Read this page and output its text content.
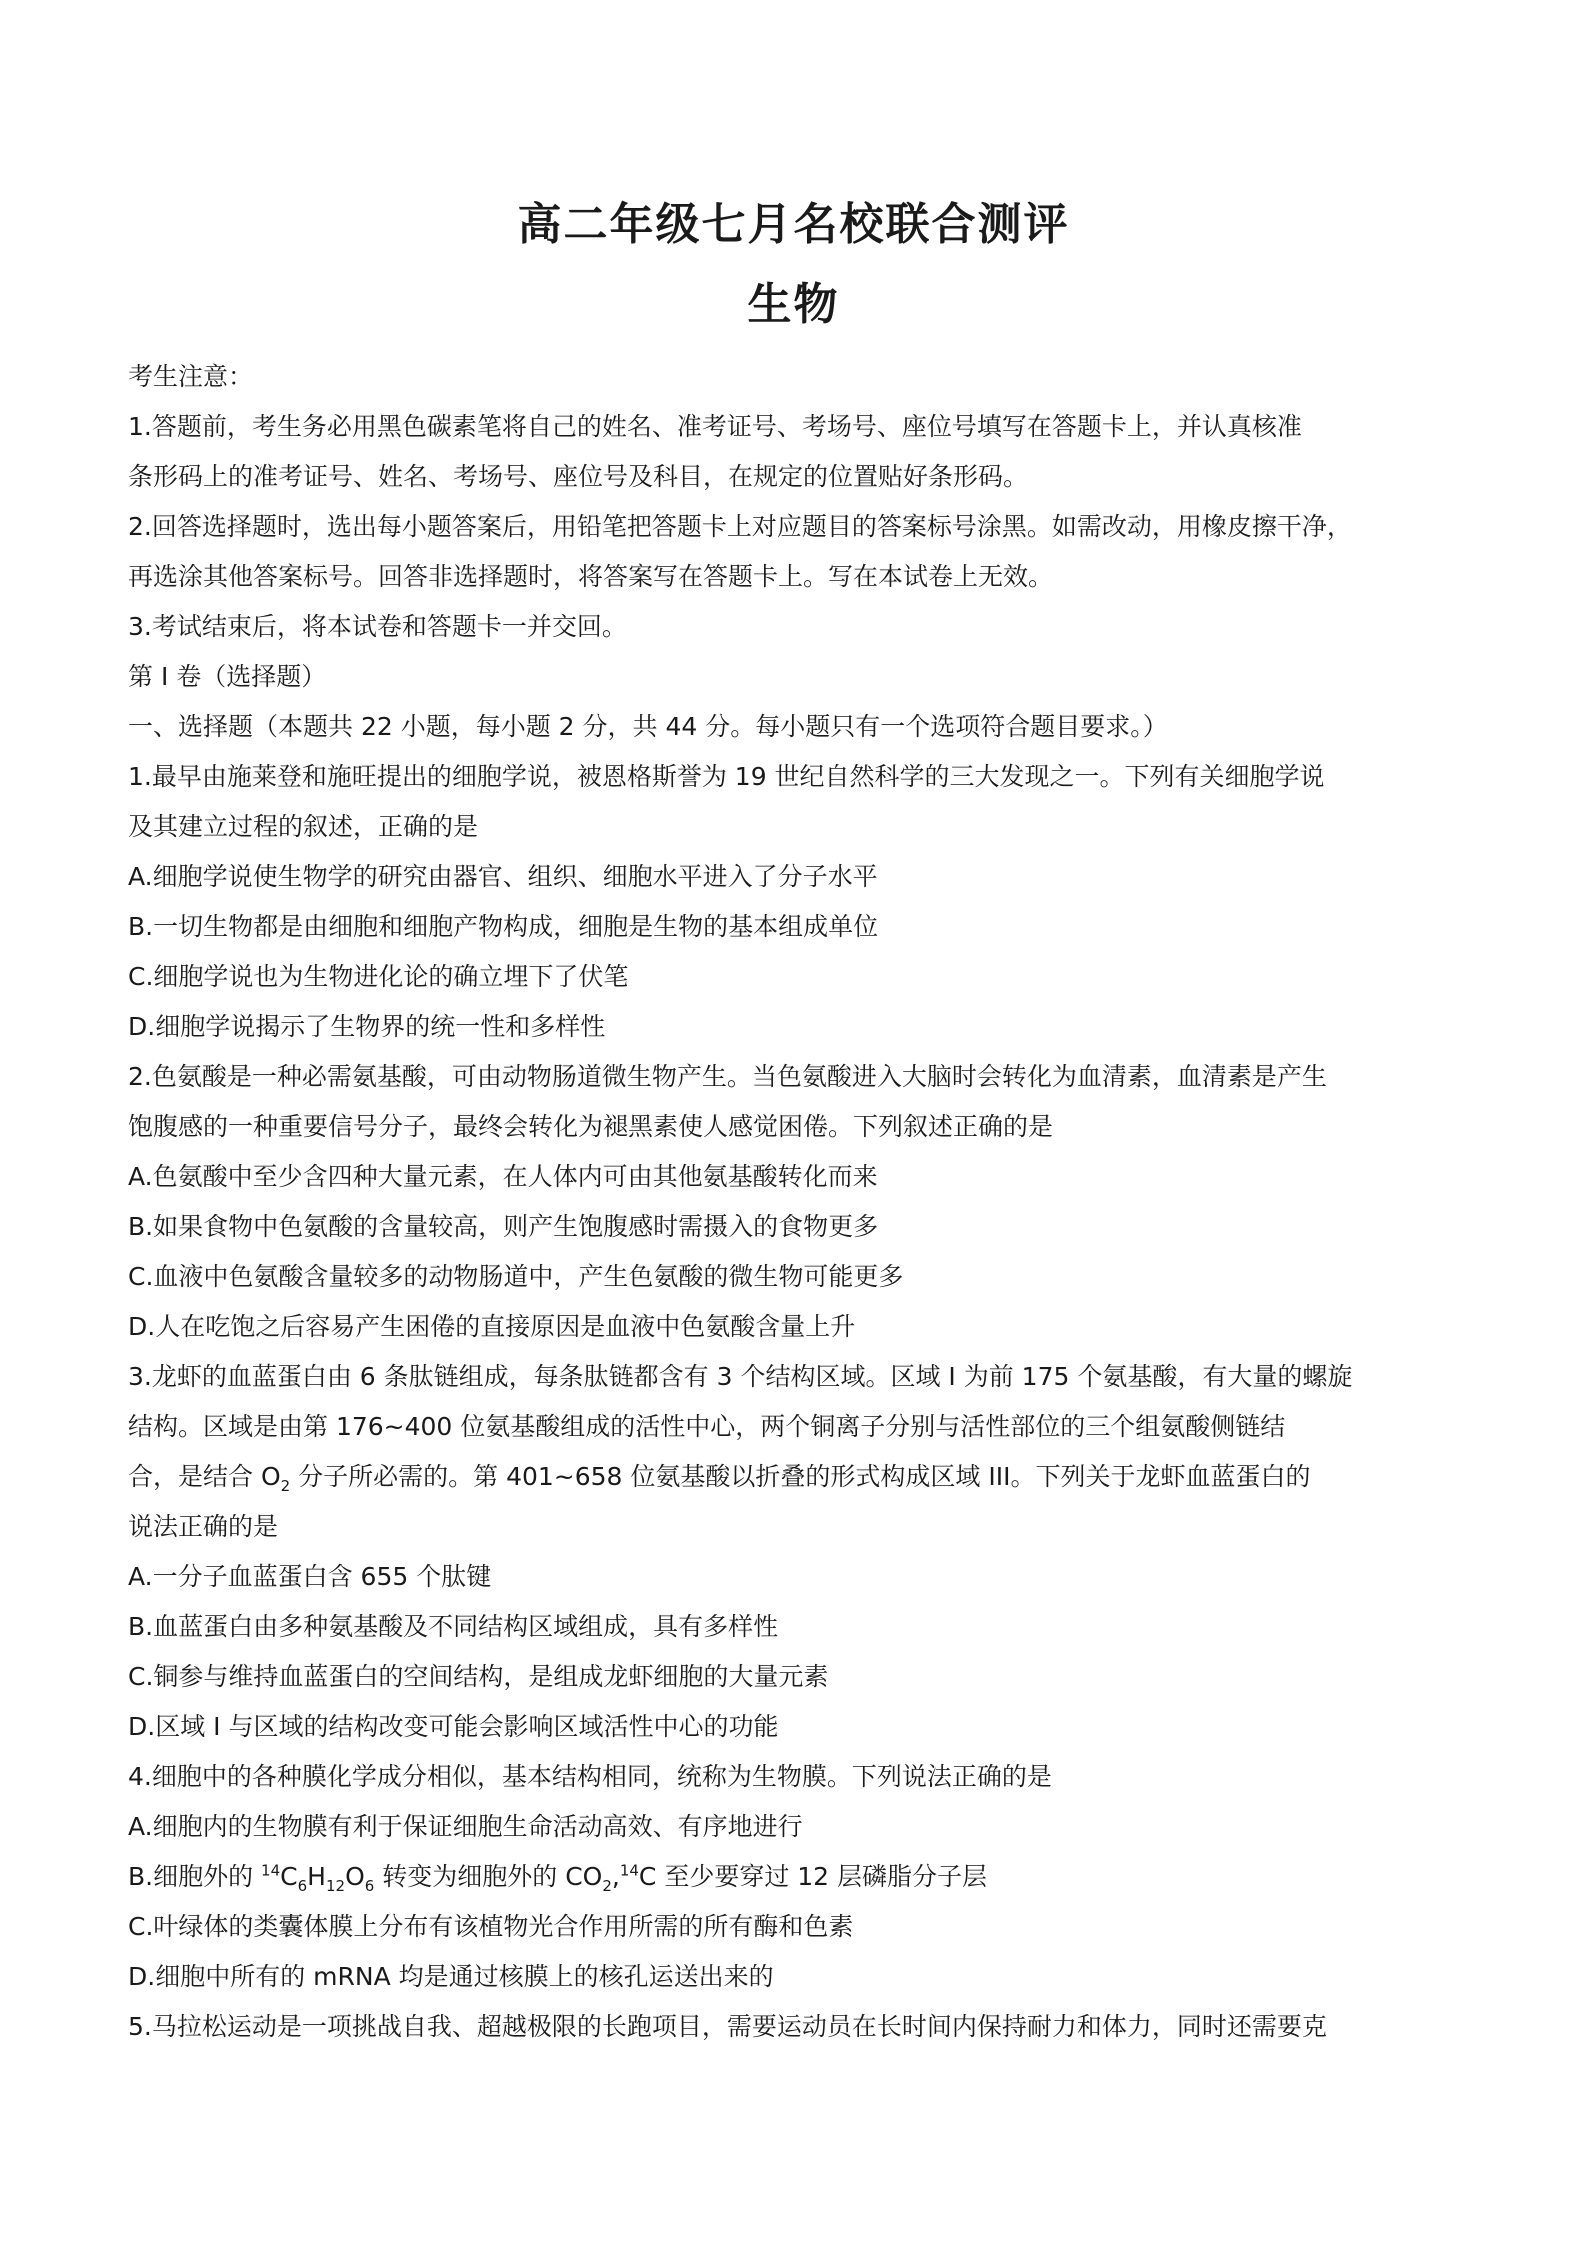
高二年级七月名校联合测评
生物
考生注意：
1.答题前，考生务必用黑色碳素笔将自己的姓名、准考证号、考场号、座位号填写在答题卡上，并认真核准
条形码上的准考证号、姓名、考场号、座位号及科目，在规定的位置贴好条形码。
2.回答选择题时，选出每小题答案后，用铅笔把答题卡上对应题目的答案标号涂黑。如需改动，用橡皮擦干净，
再选涂其他答案标号。回答非选择题时，将答案写在答题卡上。写在本试卷上无效。
3.考试结束后，将本试卷和答题卡一并交回。
第 I 卷（选择题）
一、选择题（本题共 22 小题，每小题 2 分，共 44 分。每小题只有一个选项符合题目要求。）
1.最早由施莱登和施旺提出的细胞学说，被恩格斯誉为 19 世纪自然科学的三大发现之一。下列有关细胞学说
及其建立过程的叙述，正确的是
A.细胞学说使生物学的研究由器官、组织、细胞水平进入了分子水平
B.一切生物都是由细胞和细胞产物构成，细胞是生物的基本组成单位
C.细胞学说也为生物进化论的确立埋下了伏笔
D.细胞学说揭示了生物界的统一性和多样性
2.色氨酸是一种必需氨基酸，可由动物肠道微生物产生。当色氨酸进入大脑时会转化为血清素，血清素是产生
饱腹感的一种重要信号分子，最终会转化为褪黑素使人感觉困倦。下列叙述正确的是
A.色氨酸中至少含四种大量元素，在人体内可由其他氨基酸转化而来
B.如果食物中色氨酸的含量较高，则产生饱腹感时需摄入的食物更多
C.血液中色氨酸含量较多的动物肠道中，产生色氨酸的微生物可能更多
D.人在吃饱之后容易产生困倦的直接原因是血液中色氨酸含量上升
3.龙虾的血蓝蛋白由 6 条肽链组成，每条肽链都含有 3 个结构区域。区域 I 为前 175 个氨基酸，有大量的螺旋
结构。区域是由第 176~400 位氨基酸组成的活性中心，两个铜离子分别与活性部位的三个组氨酸侧链结
合，是结合 $O_2$ 分子所必需的。第 401~658 位氨基酸以折叠的形式构成区域 III。下列关于龙虾血蓝蛋白的
说法正确的是
A.一分子血蓝蛋白含 655 个肽键
B.血蓝蛋白由多种氨基酸及不同结构区域组成，具有多样性
C.铜参与维持血蓝蛋白的空间结构，是组成龙虾细胞的大量元素
D.区域 I 与区域的结构改变可能会影响区域活性中心的功能
4.细胞中的各种膜化学成分相似，基本结构相同，统称为生物膜。下列说法正确的是
A.细胞内的生物膜有利于保证细胞生命活动高效、有序地进行
B.细胞外的 $^{14}C_6H_{12}O_6$ 转变为细胞外的 $CO_2,^{14}C$ 至少要穿过 12 层磷脂分子层
C.叶绿体的类囊体膜上分布有该植物光合作用所需的所有酶和色素
D.细胞中所有的 mRNA 均是通过核膜上的核孔运送出来的
5.马拉松运动是一项挑战自我、超越极限的长跑项目，需要运动员在长时间内保持耐力和体力，同时还需要克
